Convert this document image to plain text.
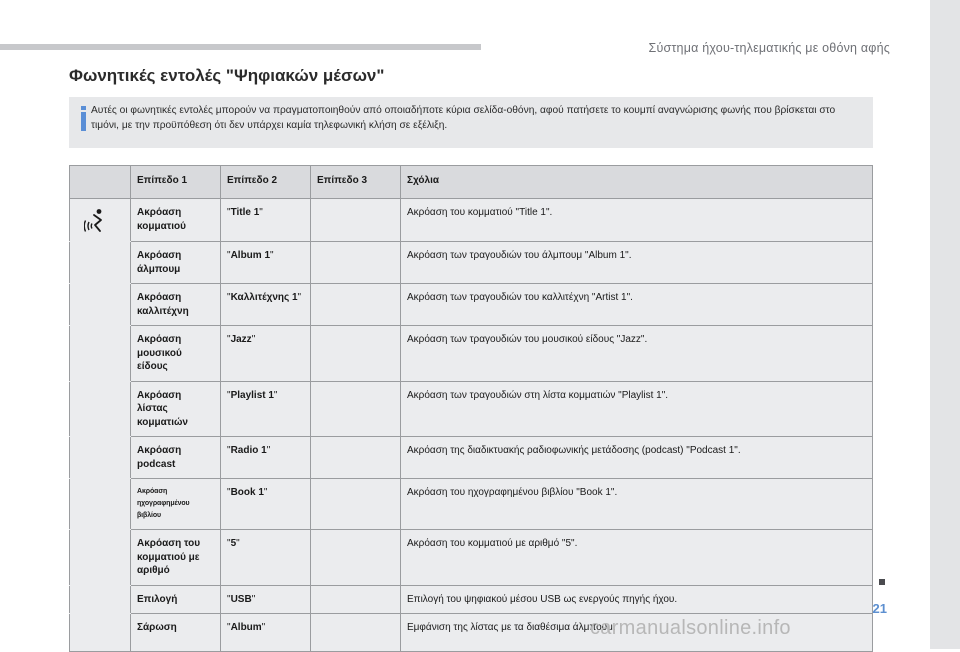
Σύστημα ήχου-τηλεματικής με οθόνη αφής
Φωνητικές εντολές "Ψηφιακών μέσων"

Αυτές οι φωνητικές εντολές μπορούν να πραγματοποιηθούν από οποιαδήποτε κύρια σελίδα-οθόνη, αφού πατήσετε το κουμπί αναγνώρισης φωνής που βρίσκεται στο τιμόνι, με την προϋπόθεση ότι δεν υπάρχει καμία τηλεφωνική κλήση σε εξέλιξη.

	Επίπεδο 1	Επίπεδο 2	Επίπεδο 3	Σχόλια

	Ακρόαση κομματιού	"Title 1"		Ακρόαση του κομματιού "Title 1".
	Ακρόαση άλμπουμ	"Album 1"		Ακρόαση των τραγουδιών του άλμπουμ "Album 1".
	Ακρόαση καλλιτέχνη	"Καλλιτέχνης 1"		Ακρόαση των τραγουδιών του καλλιτέχνη "Artist 1".
	Ακρόαση μουσικού είδους	"Jazz"		Ακρόαση των τραγουδιών του μουσικού είδους "Jazz".
	Ακρόαση λίστας κομματιών	"Playlist 1"		Ακρόαση των τραγουδιών στη λίστα κομματιών "Playlist 1".
	Ακρόαση podcast	"Radio 1"		Ακρόαση της διαδικτυακής ραδιοφωνικής μετάδοσης (podcast) "Podcast 1".
	Ακρόαση ηχογραφημένου βιβλίου	"Book 1"		Ακρόαση του ηχογραφημένου βιβλίου "Book 1".
	Ακρόαση του κομματιού με αριθμό	"5"		Ακρόαση του κομματιού με αριθμό "5".
	Επιλογή	"USB"		Επιλογή του ψηφιακού μέσου USB ως ενεργούς πηγής ήχου.
	Σάρωση	"Album"		Εμφάνιση της λίστας με τα διαθέσιμα άλμπουμ.
21
carmanualsonline.info
